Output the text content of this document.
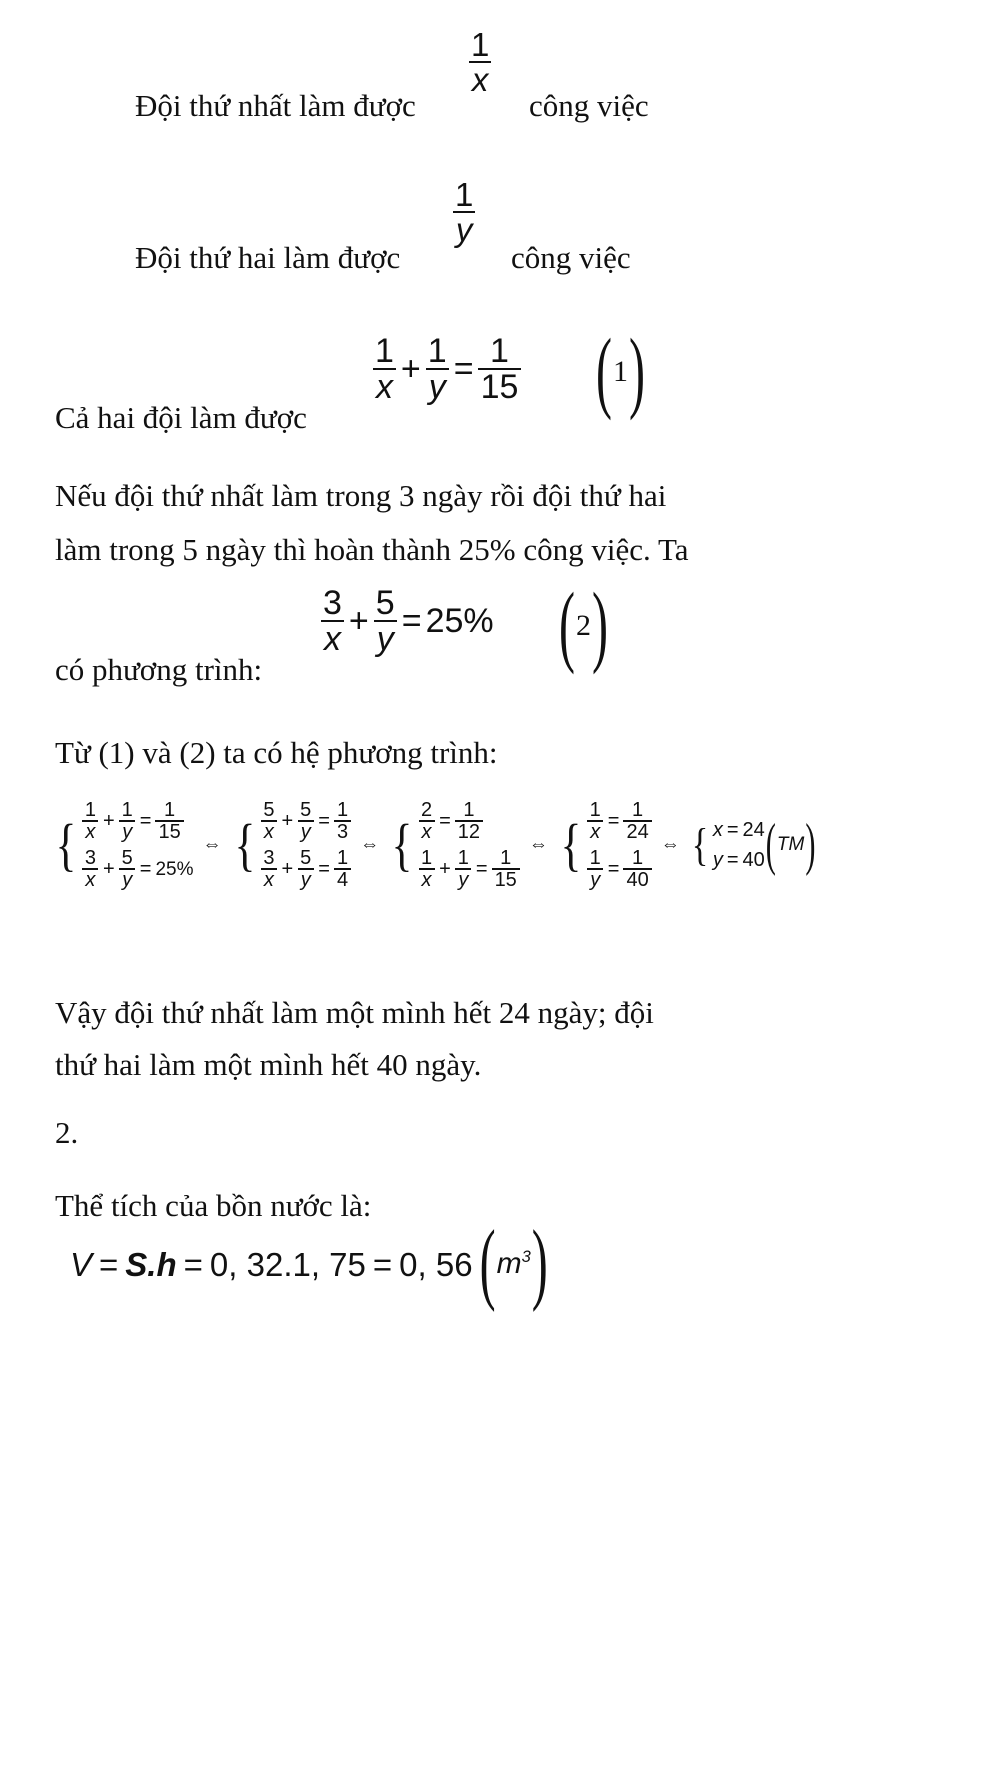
Đội thứ nhất làm được
$\frac{1}{x}$
công việc
Đội thứ hai làm được
$\frac{1}{y}$
công việc
Cả hai đội làm được
$\frac{1}{x} + \frac{1}{y} = \frac{1}{15}$ ( 1 )
Nếu đội thứ nhất làm trong 3 ngày rồi đội thứ hai
làm trong 5 ngày thì hoàn thành 25% công việc. Ta
có phương trình:
$\frac{3}{x} + \frac{5}{y} = 25\%$ ( 2 )
Từ (1) và (2) ta có hệ phương trình:
{ $\frac{1}{x} + \frac{1}{y} = \frac{1}{15}$
$\frac{3}{x} + \frac{5}{y} = 25\%$
⇔ { $\frac{5}{x} + \frac{5}{y} = \frac{1}{3}$
$\frac{3}{x} + \frac{5}{y} = \frac{1}{4}$
⇔ { $\frac{2}{x} = \frac{1}{12}$
$\frac{1}{x} + \frac{1}{y} = \frac{1}{15}$
⇔ { $\frac{1}{x} = \frac{1}{24}$
$\frac{1}{y} = \frac{1}{40}$
⇔ { x = 24
y = 40 ( TM )
Vậy đội thứ nhất làm một mình hết 24 ngày; đội
thứ hai làm một mình hết 40 ngày.
2.
Thể tích của bồn nước là:
V = S.h = 0, 32.1, 75 = 0, 56 ( $m^3$ )
